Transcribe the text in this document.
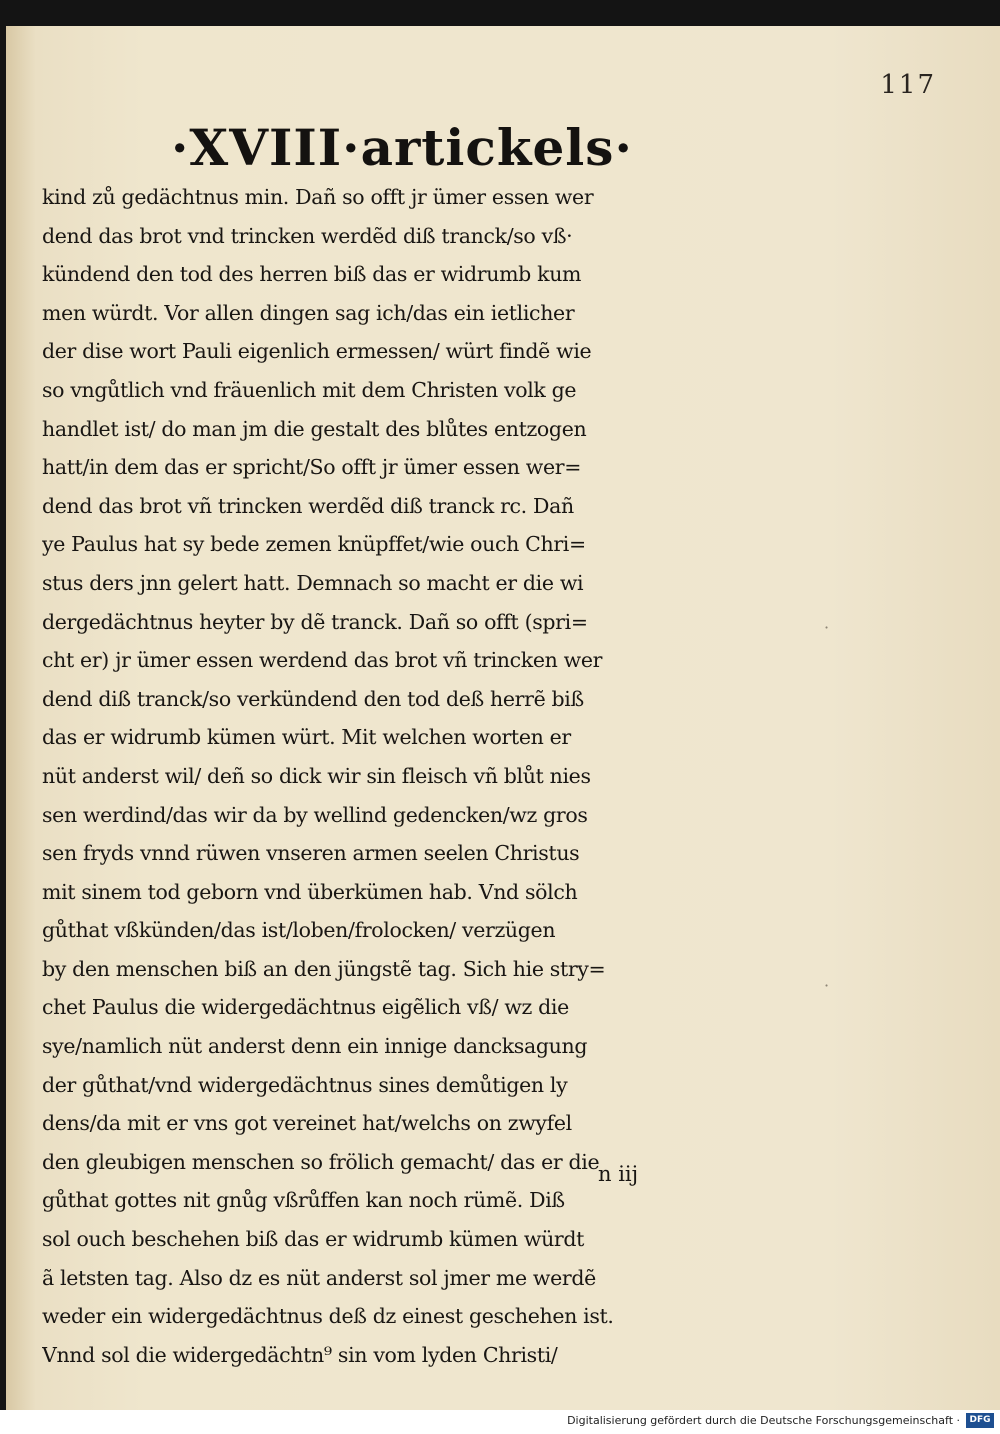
117
·XVIII·artickels·
kind zů gedächtnus min. Dañ so offt jr ümer essen wer
dend das brot vnd trincken werdẽd diß tranck/so vß·
kündend den tod des herren biß das er widrumb kum
men würdt. Vor allen dingen sag ich/das ein ietlicher
der dise wort Pauli eigenlich ermessen/ würt findẽ wie
so vngůtlich vnd fräuenlich mit dem Christen volk ge
handlet ist/ do man jm die gestalt des blůtes entzogen
hatt/in dem das er spricht/So offt jr ümer essen wer=
dend das brot vñ trincken werdẽd diß tranck rc. Dañ
ye Paulus hat sy bede zemen knüpffet/wie ouch Chri=
stus ders jnn gelert hatt. Demnach so macht er die wi
dergedächtnus heyter by dẽ tranck. Dañ so offt (spri=
cht er) jr ümer essen werdend das brot vñ trincken wer
dend diß tranck/so verkündend den tod deß herrẽ biß
das er widrumb kümen würt. Mit welchen worten er
nüt anderst wil/ deñ so dick wir sin fleisch vñ blůt nies
sen werdind/das wir da by wellind gedencken/wz gros
sen fryds vnnd rüwen vnseren armen seelen Christus
mit sinem tod geborn vnd überkümen hab. Vnd sölch
gůthat vßkünden/das ist/loben/frolocken/ verzügen
by den menschen biß an den jüngstẽ tag. Sich hie stry=
chet Paulus die widergedächtnus eigẽlich vß/ wz die
sye/namlich nüt anderst denn ein innige dancksagung
der gůthat/vnd widergedächtnus sines demůtigen ly
dens/da mit er vns got vereinet hat/welchs on zwyfel
den gleubigen menschen so frölich gemacht/ das er die
gůthat gottes nit gnůg vßrůffen kan noch rümẽ. Diß
sol ouch beschehen biß das er widrumb kümen würdt
ã letsten tag. Also dz es nüt anderst sol jmer me werdẽ
weder ein widergedächtnus deß dz einest geschehen ist.
Vnnd sol die widergedächtn⁹ sin vom lyden Christi/
n iij
·
·
Digitalisierung gefördert durch die Deutsche Forschungsgemeinschaft ·	DFG
